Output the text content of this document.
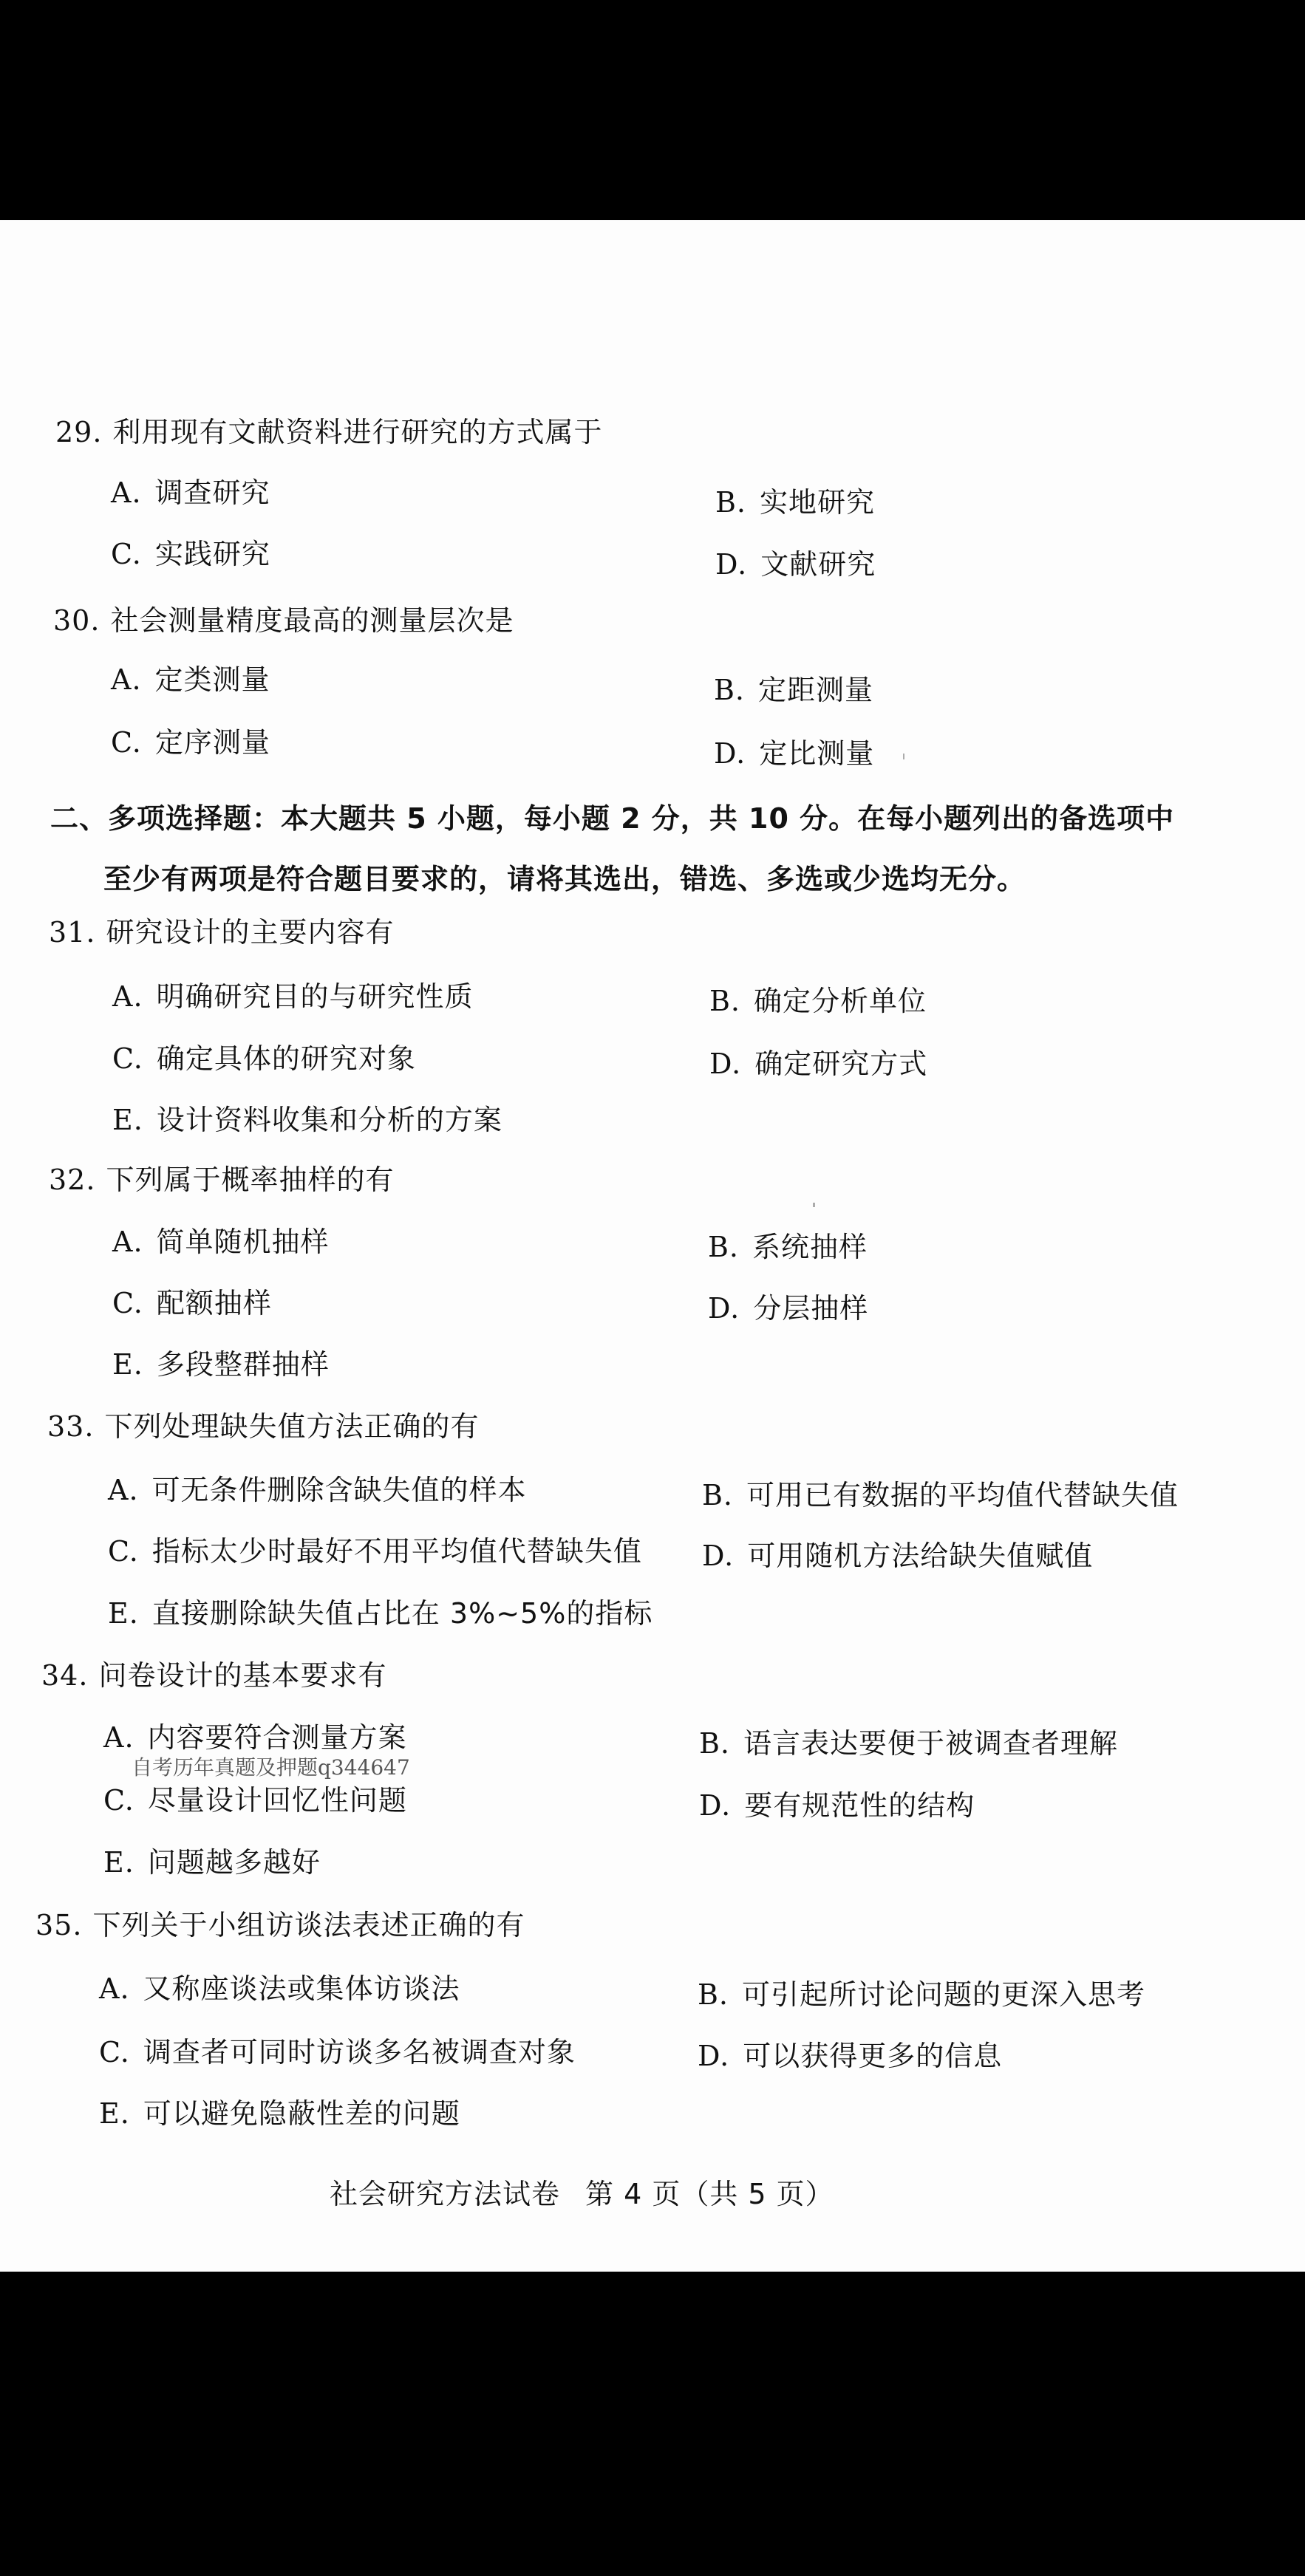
29. 利用现有文献资料进行研究的方式属于
A. 调查研究	B. 实地研究
C. 实践研究	D. 文献研究
30. 社会测量精度最高的测量层次是
A. 定类测量	B. 定距测量
C. 定序测量	D. 定比测量
二、多项选择题：本大题共 5 小题，每小题 2 分，共 10 分。在每小题列出的备选项中
至少有两项是符合题目要求的，请将其选出，错选、多选或少选均无分。
31. 研究设计的主要内容有
A. 明确研究目的与研究性质	B. 确定分析单位
C. 确定具体的研究对象	D. 确定研究方式
E. 设计资料收集和分析的方案
32. 下列属于概率抽样的有
A. 简单随机抽样	B. 系统抽样
C. 配额抽样	D. 分层抽样
E. 多段整群抽样
33. 下列处理缺失值方法正确的有
A. 可无条件删除含缺失值的样本	B. 可用已有数据的平均值代替缺失值
C. 指标太少时最好不用平均值代替缺失值 D. 可用随机方法给缺失值赋值
E. 直接删除缺失值占比在 3%~5%的指标
34. 问卷设计的基本要求有
A. 内容要符合测量方案
自考历年真题及押题q344647
B. 语言表达要便于被调查者理解
C. 尽量设计回忆性问题	D. 要有规范性的结构
E. 问题越多越好
35. 下列关于小组访谈法表述正确的有
A. 又称座谈法或集体访谈法	B. 可引起所讨论问题的更深入思考
C. 调查者可同时访谈多名被调查对象	D. 可以获得更多的信息
E. 可以避免隐蔽性差的问题
社会研究方法试卷 第 4 页（共 5 页）
